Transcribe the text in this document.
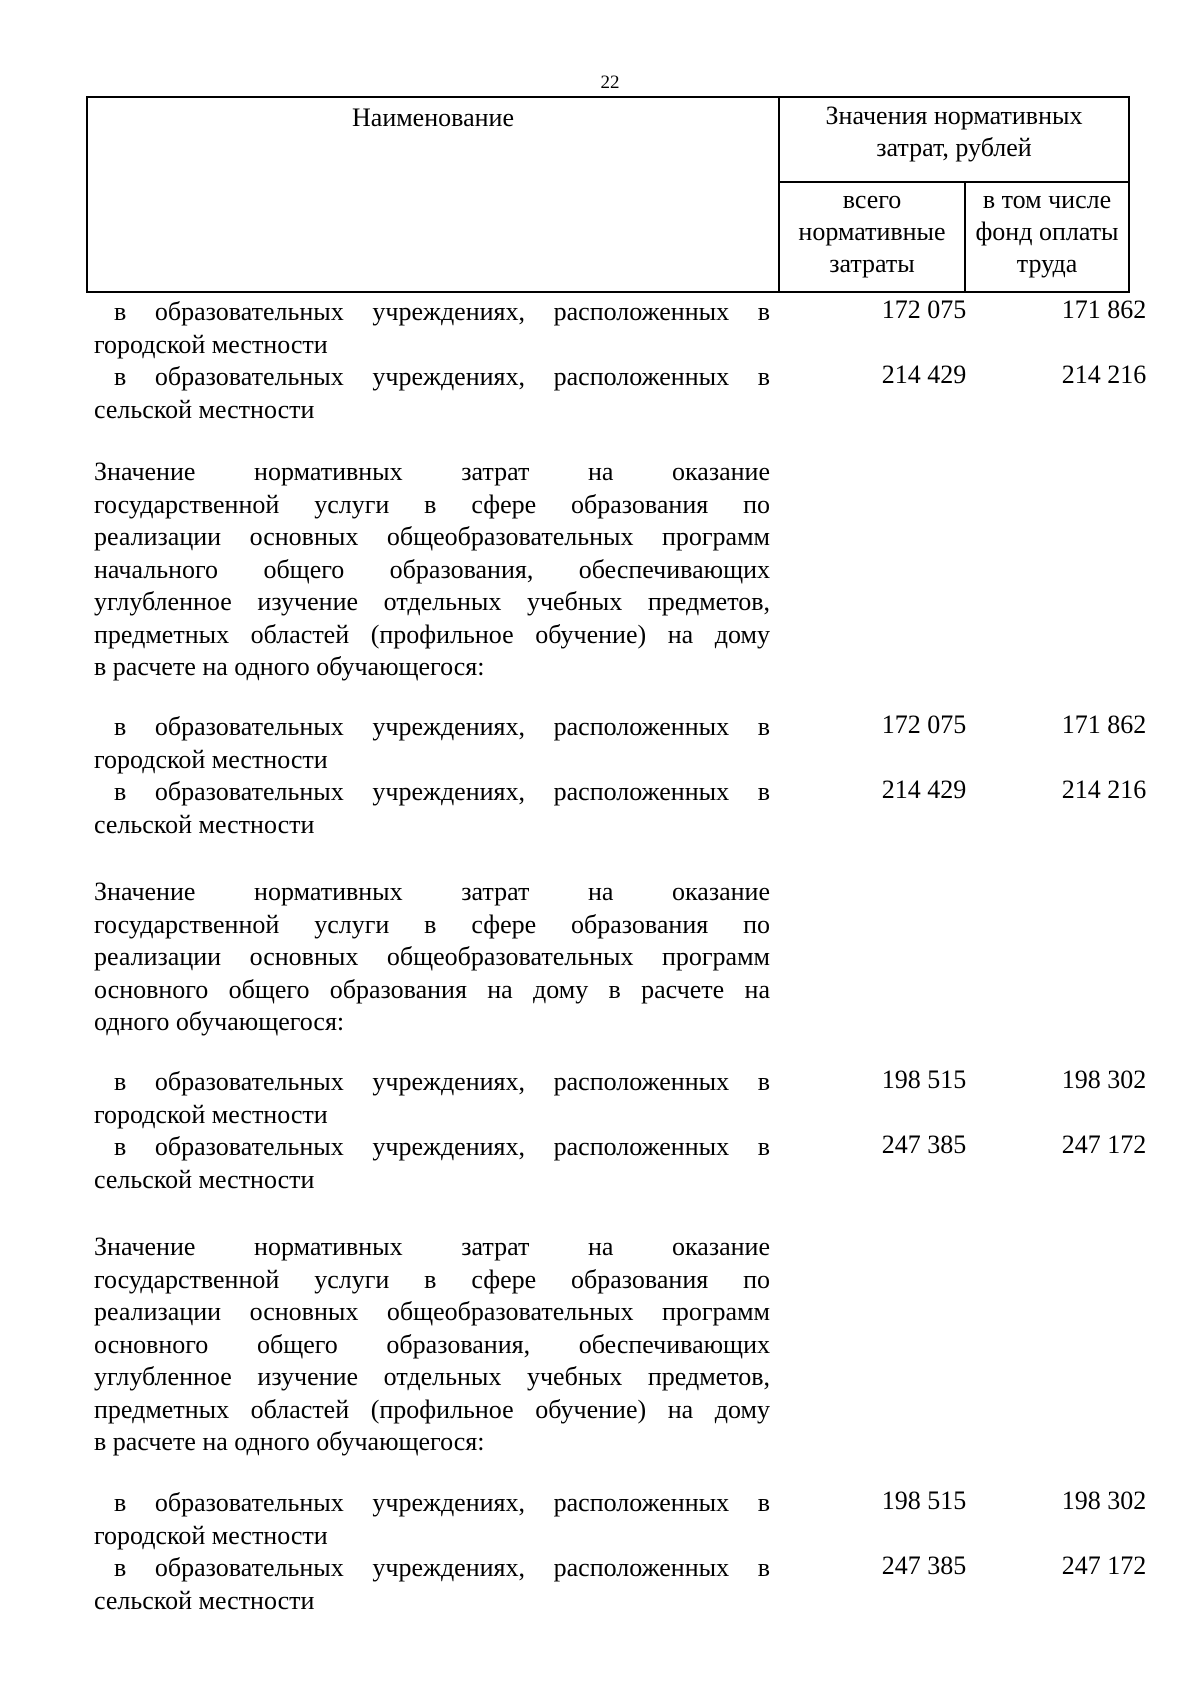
22
Наименование	Значения нормативных
затрат, рублей
всего
нормативные
затраты
в том числе
фонд оплаты
труда
в образовательных учреждениях, расположенных в городской местности
172 075	171 862
в образовательных учреждениях, расположенных в сельской местности
214 429	214 216
Значение нормативных затрат на оказание
государственной услуги в сфере образования по
реализации основных общеобразовательных программ
начального общего образования, обеспечивающих
углубленное изучение отдельных учебных предметов,
предметных областей (профильное обучение) на дому
в расчете на одного обучающегося:
в образовательных учреждениях, расположенных в городской местности
172 075	171 862
в образовательных учреждениях, расположенных в сельской местности
214 429	214 216
Значение нормативных затрат на оказание
государственной услуги в сфере образования по
реализации основных общеобразовательных программ
основного общего образования на дому в расчете на
одного обучающегося:
в образовательных учреждениях, расположенных в городской местности
198 515	198 302
в образовательных учреждениях, расположенных в сельской местности
247 385	247 172
Значение нормативных затрат на оказание
государственной услуги в сфере образования по
реализации основных общеобразовательных программ
основного общего образования, обеспечивающих
углубленное изучение отдельных учебных предметов,
предметных областей (профильное обучение) на дому
в расчете на одного обучающегося:
в образовательных учреждениях, расположенных в городской местности
198 515	198 302
в образовательных учреждениях, расположенных в сельской местности
247 385	247 172
